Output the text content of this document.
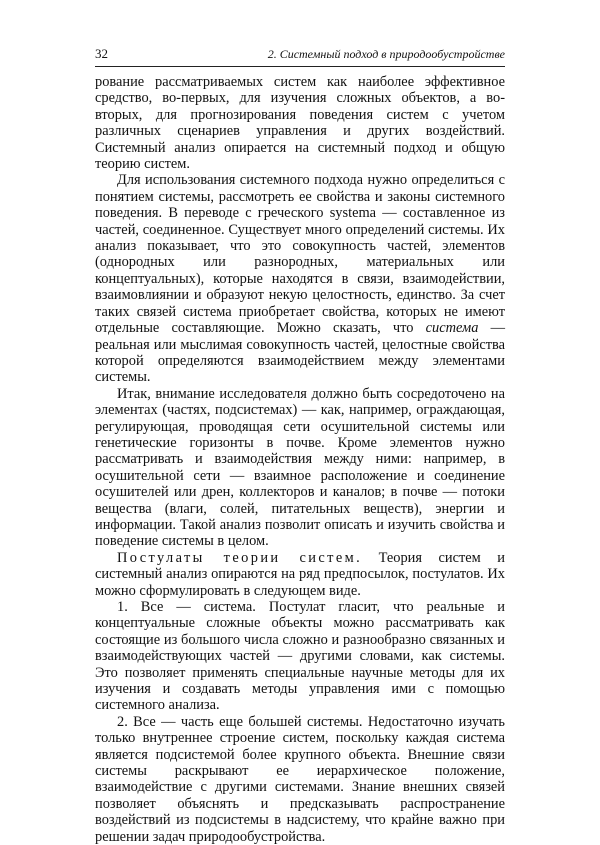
32	2. Системный подход в природообустройстве

рование рассматриваемых систем как наиболее эффективное средство, во-первых, для изучения сложных объектов, а во-вторых, для прогнозирования поведения систем с учетом различных сценариев управления и других воздействий. Системный анализ опирается на системный подход и общую теорию систем.

Для использования системного подхода нужно определиться с понятием системы, рассмотреть ее свойства и законы системного поведения. В переводе с греческого systema — составленное из частей, соединенное. Существует много определений системы. Их анализ показывает, что это совокупность частей, элементов (однородных или разнородных, материальных или концептуальных), которые находятся в связи, взаимодействии, взаимовлиянии и образуют некую целостность, единство. За счет таких связей система приобретает свойства, которых не имеют отдельные составляющие. Можно сказать, что система — реальная или мыслимая совокупность частей, целостные свойства которой определяются взаимодействием между элементами системы.

Итак, внимание исследователя должно быть сосредоточено на элементах (частях, подсистемах) — как, например, ограждающая, регулирующая, проводящая сети осушительной системы или генетические горизонты в почве. Кроме элементов нужно рассматривать и взаимодействия между ними: например, в осушительной сети — взаимное расположение и соединение осушителей или дрен, коллекторов и каналов; в почве — потоки вещества (влаги, солей, питательных веществ), энергии и информации. Такой анализ позволит описать и изучить свойства и поведение системы в целом.

Постулаты теории систем. Теория систем и системный анализ опираются на ряд предпосылок, постулатов. Их можно сформулировать в следующем виде.

1. Все — система. Постулат гласит, что реальные и концептуальные сложные объекты можно рассматривать как состоящие из большого числа сложно и разнообразно связанных и взаимодействующих частей — другими словами, как системы. Это позволяет применять специальные научные методы для их изучения и создавать методы управления ими с помощью системного анализа.

2. Все — часть еще большей системы. Недостаточно изучать только внутреннее строение систем, поскольку каждая система является подсистемой более крупного объекта. Внешние связи системы раскрывают ее иерархическое положение, взаимодействие с другими системами. Знание внешних связей позволяет объяснять и предсказывать распространение воздействий из подсистемы в надсистему, что крайне важно при решении задач природообустройства.
